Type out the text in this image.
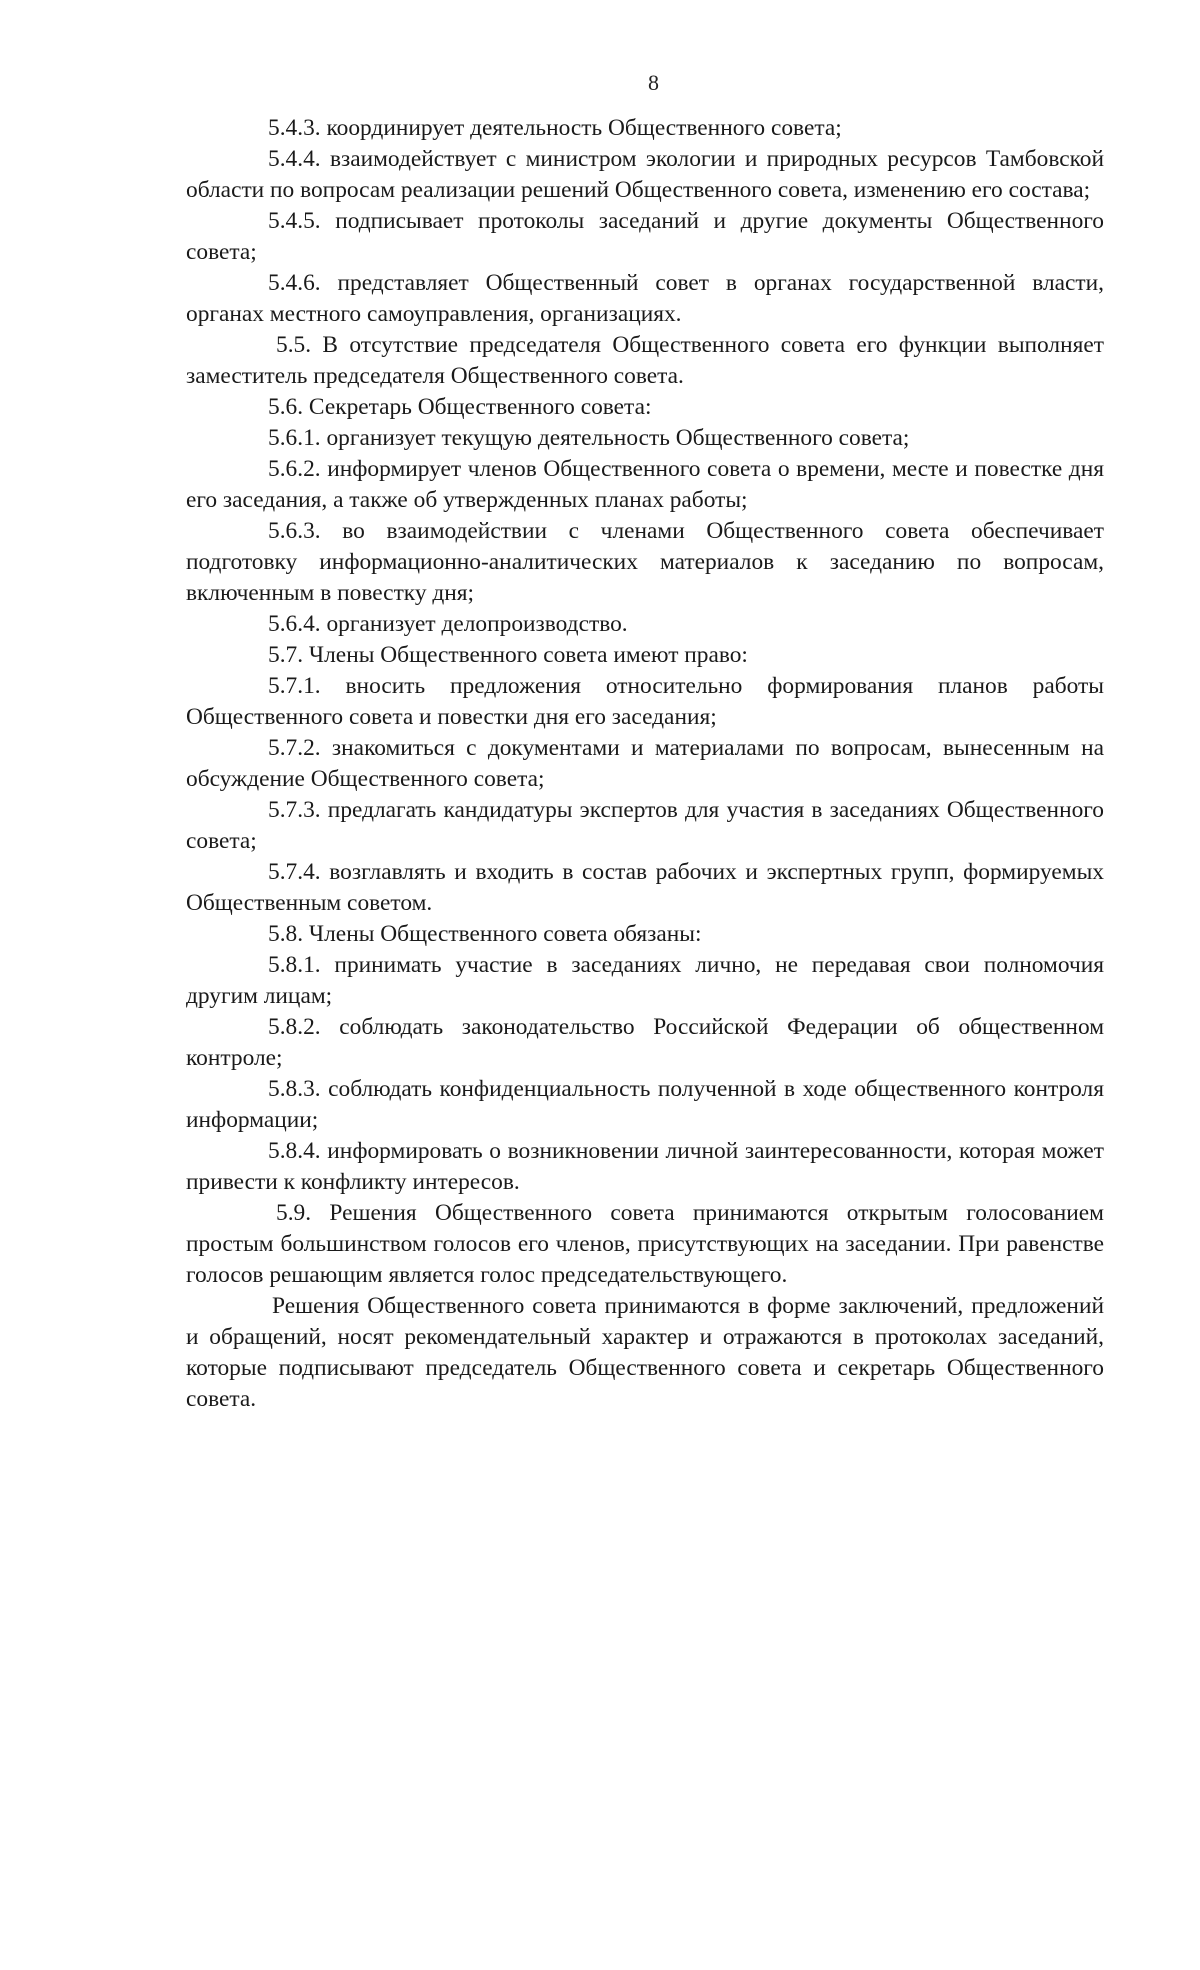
8

5.4.3. координирует деятельность Общественного совета;

5.4.4. взаимодействует с министром экологии и природных ресурсов Тамбовской области по вопросам реализации решений Общественного совета, изменению его состава;

5.4.5. подписывает протоколы заседаний и другие документы Общественного совета;

5.4.6. представляет Общественный совет в органах государственной власти, органах местного самоуправления, организациях.

5.5. В отсутствие председателя Общественного совета его функции выполняет заместитель председателя Общественного совета.

5.6. Секретарь Общественного совета:

5.6.1. организует текущую деятельность Общественного совета;

5.6.2. информирует членов Общественного совета о времени, месте и повестке дня его заседания, а также об утвержденных планах работы;

5.6.3. во взаимодействии с членами Общественного совета обеспечивает подготовку информационно-аналитических материалов к заседанию по вопросам, включенным в повестку дня;

5.6.4. организует делопроизводство.

5.7. Члены Общественного совета имеют право:

5.7.1. вносить предложения относительно формирования планов работы Общественного совета и повестки дня его заседания;

5.7.2. знакомиться с документами и материалами по вопросам, вынесенным на обсуждение Общественного совета;

5.7.3. предлагать кандидатуры экспертов для участия в заседаниях Общественного совета;

5.7.4. возглавлять и входить в состав рабочих и экспертных групп, формируемых Общественным советом.

5.8. Члены Общественного совета обязаны:

5.8.1. принимать участие в заседаниях лично, не передавая свои полномочия другим лицам;

5.8.2. соблюдать законодательство Российской Федерации об общественном контроле;

5.8.3. соблюдать конфиденциальность полученной в ходе общественного контроля информации;

5.8.4. информировать о возникновении личной заинтересованности, которая может привести к конфликту интересов.

5.9. Решения Общественного совета принимаются открытым голосованием простым большинством голосов его членов, присутствующих на заседании. При равенстве голосов решающим является голос председательствующего.

Решения Общественного совета принимаются в форме заключений, предложений и обращений, носят рекомендательный характер и отражаются в протоколах заседаний, которые подписывают председатель Общественного совета и секретарь Общественного совета.
